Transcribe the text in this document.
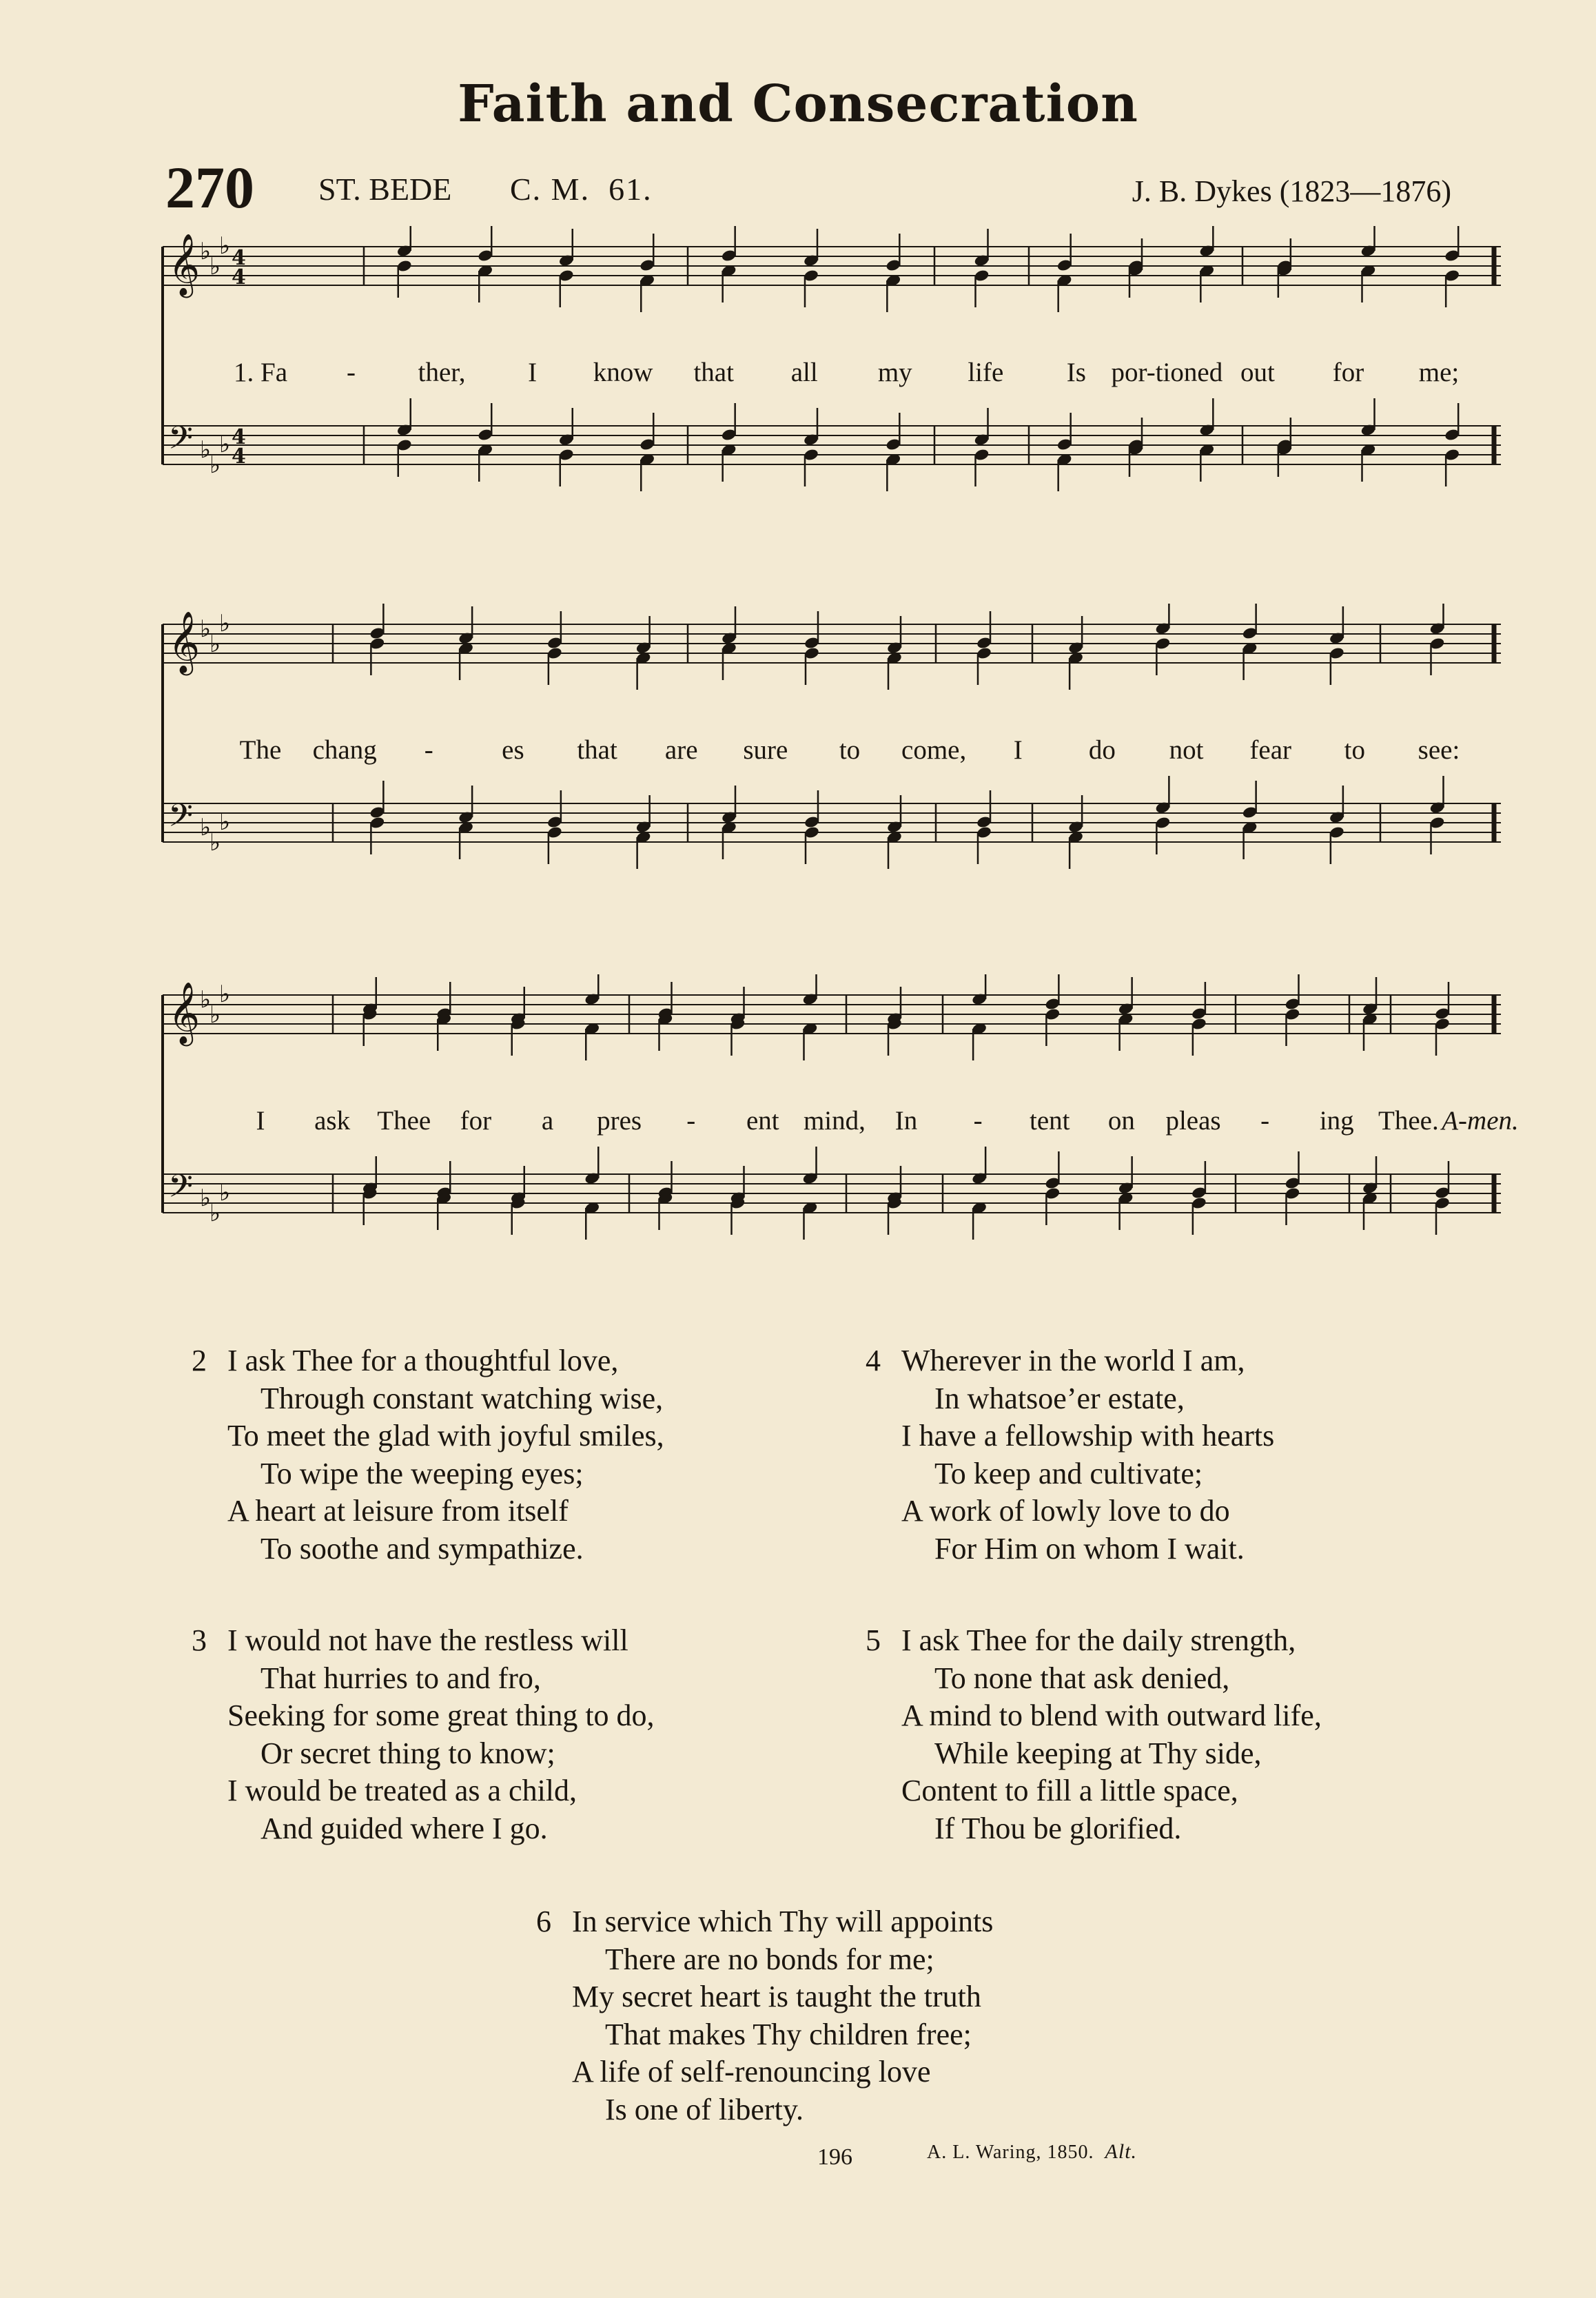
Faith and Consecration
270 ST. BEDE C. M. 61.	J. B. Dykes (1823—1876)
𝄞 ♭
♭
♭ 4
4
𝄢 ♭
♭
♭ 4
4
1. Fa - ther, I know that all my life Is por-tioned out for me;
𝄞 ♭
♭
♭
𝄢 ♭
♭
♭
The chang -	es that are sure to come, I do not fear to see:
𝄞 ♭
♭
♭
𝄢 ♭
♭
♭
I ask Thee for a pres - ent mind, In - tent on pleas - ing Thee. A-men.
2 I ask Thee for a thoughtful love,
Through constant watching wise,
To meet the glad with joyful smiles,
To wipe the weeping eyes;
A heart at leisure from itself
To soothe and sympathize.
4 Wherever in the world I am,
In whatsoe’er estate,
I have a fellowship with hearts
To keep and cultivate;
A work of lowly love to do
For Him on whom I wait.
3 I would not have the restless will
That hurries to and fro,
Seeking for some great thing to do,
Or secret thing to know;
I would be treated as a child,
And guided where I go.
5 I ask Thee for the daily strength,
To none that ask denied,
A mind to blend with outward life,
While keeping at Thy side,
Content to fill a little space,
If Thou be glorified.
6 In service which Thy will appoints
There are no bonds for me;
My secret heart is taught the truth
That makes Thy children free;
A life of self-renouncing love
Is one of liberty.
196	A. L. Waring, 1850. Alt.
